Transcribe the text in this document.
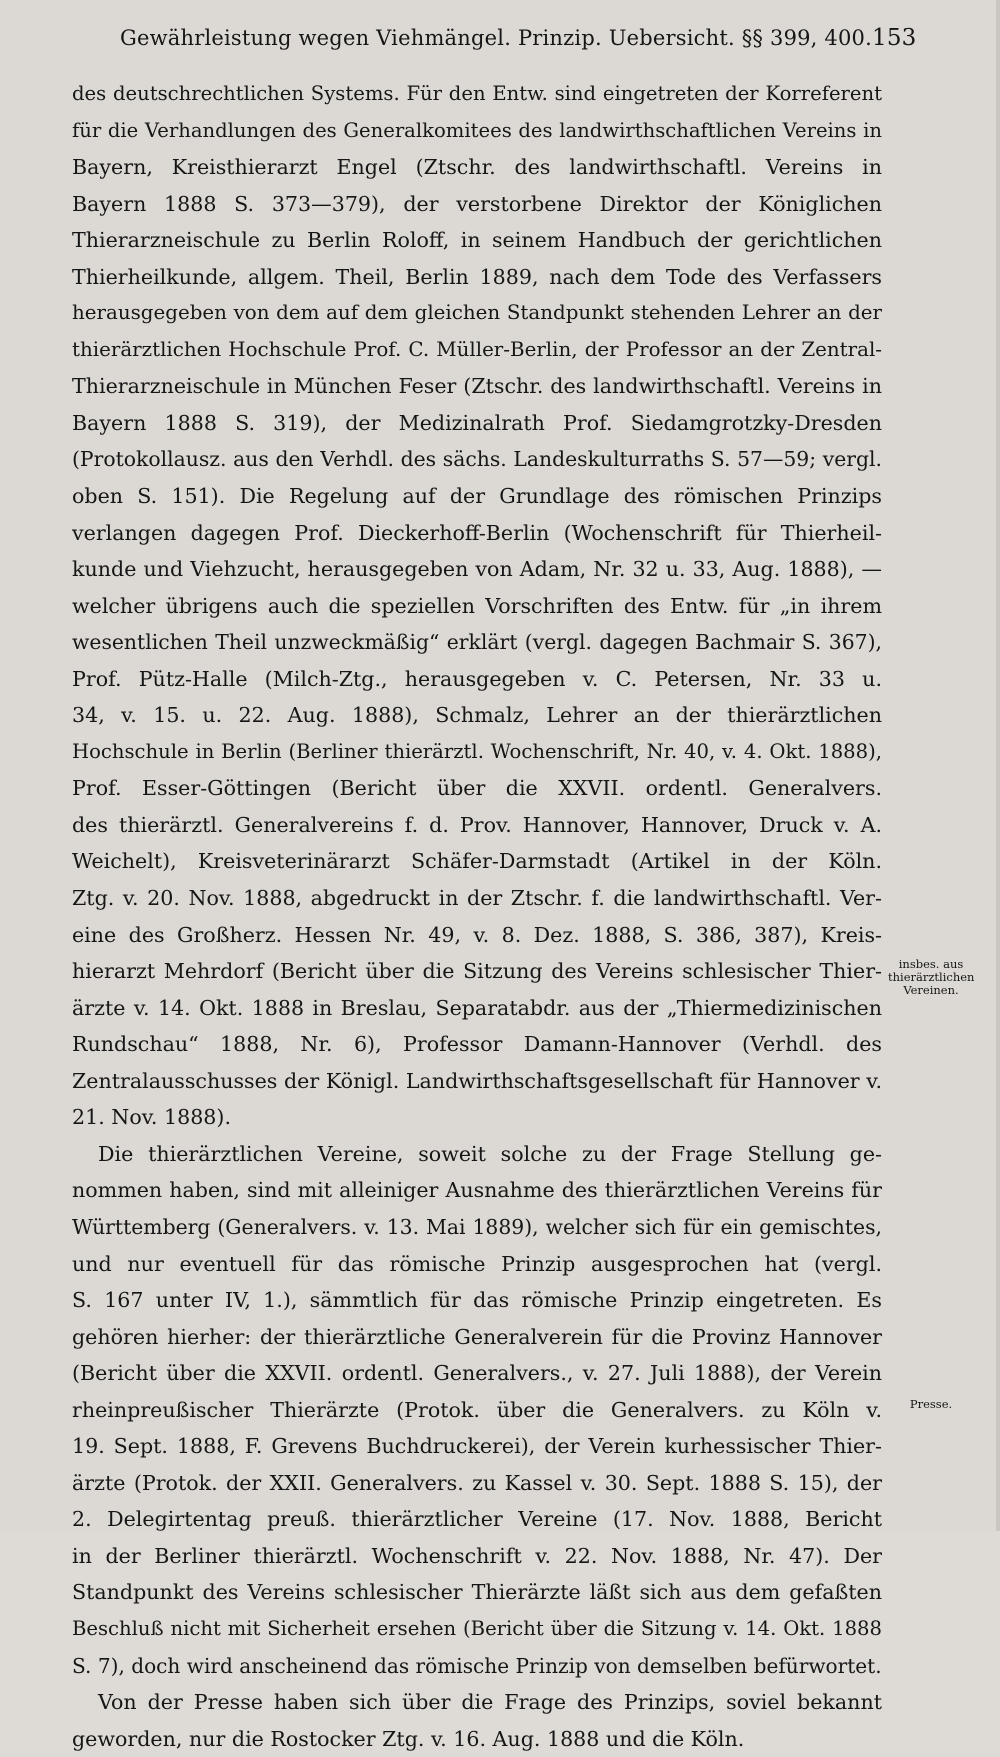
Gewährleistung wegen Viehmängel. Prinzip. Uebersicht. §§ 399, 400. 153
des deutschrechtlichen Systems. Für den Entw. sind eingetreten der Korreferent
für die Verhandlungen des Generalkomitees des landwirthschaftlichen Vereins in
Bayern, Kreisthierarzt Engel (Ztschr. des landwirthschaftl. Vereins in
Bayern 1888 S. 373—379), der verstorbene Direktor der Königlichen
Thierarzneischule zu Berlin Roloff, in seinem Handbuch der gerichtlichen
Thierheilkunde, allgem. Theil, Berlin 1889, nach dem Tode des Verfassers
herausgegeben von dem auf dem gleichen Standpunkt stehenden Lehrer an der
thierärztlichen Hochschule Prof. C. Müller-Berlin, der Professor an der Zentral-
Thierarzneischule in München Feser (Ztschr. des landwirthschaftl. Vereins in
Bayern 1888 S. 319), der Medizinalrath Prof. Siedamgrotzky-Dresden
(Protokollausz. aus den Verhdl. des sächs. Landeskulturraths S. 57—59; vergl.
oben S. 151). Die Regelung auf der Grundlage des römischen Prinzips
verlangen dagegen Prof. Dieckerhoff-Berlin (Wochenschrift für Thierheil-
kunde und Viehzucht, herausgegeben von Adam, Nr. 32 u. 33, Aug. 1888), —
welcher übrigens auch die speziellen Vorschriften des Entw. für „in ihrem
wesentlichen Theil unzweckmäßig“ erklärt (vergl. dagegen Bachmair S. 367),
Prof. Pütz-Halle (Milch-Ztg., herausgegeben v. C. Petersen, Nr. 33 u.
34, v. 15. u. 22. Aug. 1888), Schmalz, Lehrer an der thierärztlichen
Hochschule in Berlin (Berliner thierärztl. Wochenschrift, Nr. 40, v. 4. Okt. 1888),
Prof. Esser-Göttingen (Bericht über die XXVII. ordentl. Generalvers.
des thierärztl. Generalvereins f. d. Prov. Hannover, Hannover, Druck v. A.
Weichelt), Kreisveterinärarzt Schäfer-Darmstadt (Artikel in der Köln.
Ztg. v. 20. Nov. 1888, abgedruckt in der Ztschr. f. die landwirthschaftl. Ver-
eine des Großherz. Hessen Nr. 49, v. 8. Dez. 1888, S. 386, 387), Kreis-
hierarzt Mehrdorf (Bericht über die Sitzung des Vereins schlesischer Thier-
ärzte v. 14. Okt. 1888 in Breslau, Separatabdr. aus der „Thiermedizinischen
Rundschau“ 1888, Nr. 6), Professor Damann-Hannover (Verhdl. des
Zentralausschusses der Königl. Landwirthschaftsgesellschaft für Hannover v.
21. Nov. 1888).
Die thierärztlichen Vereine, soweit solche zu der Frage Stellung ge-
nommen haben, sind mit alleiniger Ausnahme des thierärztlichen Vereins für
Württemberg (Generalvers. v. 13. Mai 1889), welcher sich für ein gemischtes,
und nur eventuell für das römische Prinzip ausgesprochen hat (vergl.
S. 167 unter IV, 1.), sämmtlich für das römische Prinzip eingetreten. Es
gehören hierher: der thierärztliche Generalverein für die Provinz Hannover
(Bericht über die XXVII. ordentl. Generalvers., v. 27. Juli 1888), der Verein
rheinpreußischer Thierärzte (Protok. über die Generalvers. zu Köln v.
19. Sept. 1888, F. Grevens Buchdruckerei), der Verein kurhessischer Thier-
ärzte (Protok. der XXII. Generalvers. zu Kassel v. 30. Sept. 1888 S. 15), der
2. Delegirtentag preuß. thierärztlicher Vereine (17. Nov. 1888, Bericht
in der Berliner thierärztl. Wochenschrift v. 22. Nov. 1888, Nr. 47). Der
Standpunkt des Vereins schlesischer Thierärzte läßt sich aus dem gefaßten
Beschluß nicht mit Sicherheit ersehen (Bericht über die Sitzung v. 14. Okt. 1888
S. 7), doch wird anscheinend das römische Prinzip von demselben befürwortet.
Von der Presse haben sich über die Frage des Prinzips, soviel bekannt
geworden, nur die Rostocker Ztg. v. 16. Aug. 1888 und die Köln.
insbes. aus thierärztlichen Vereinen.
Presse.
